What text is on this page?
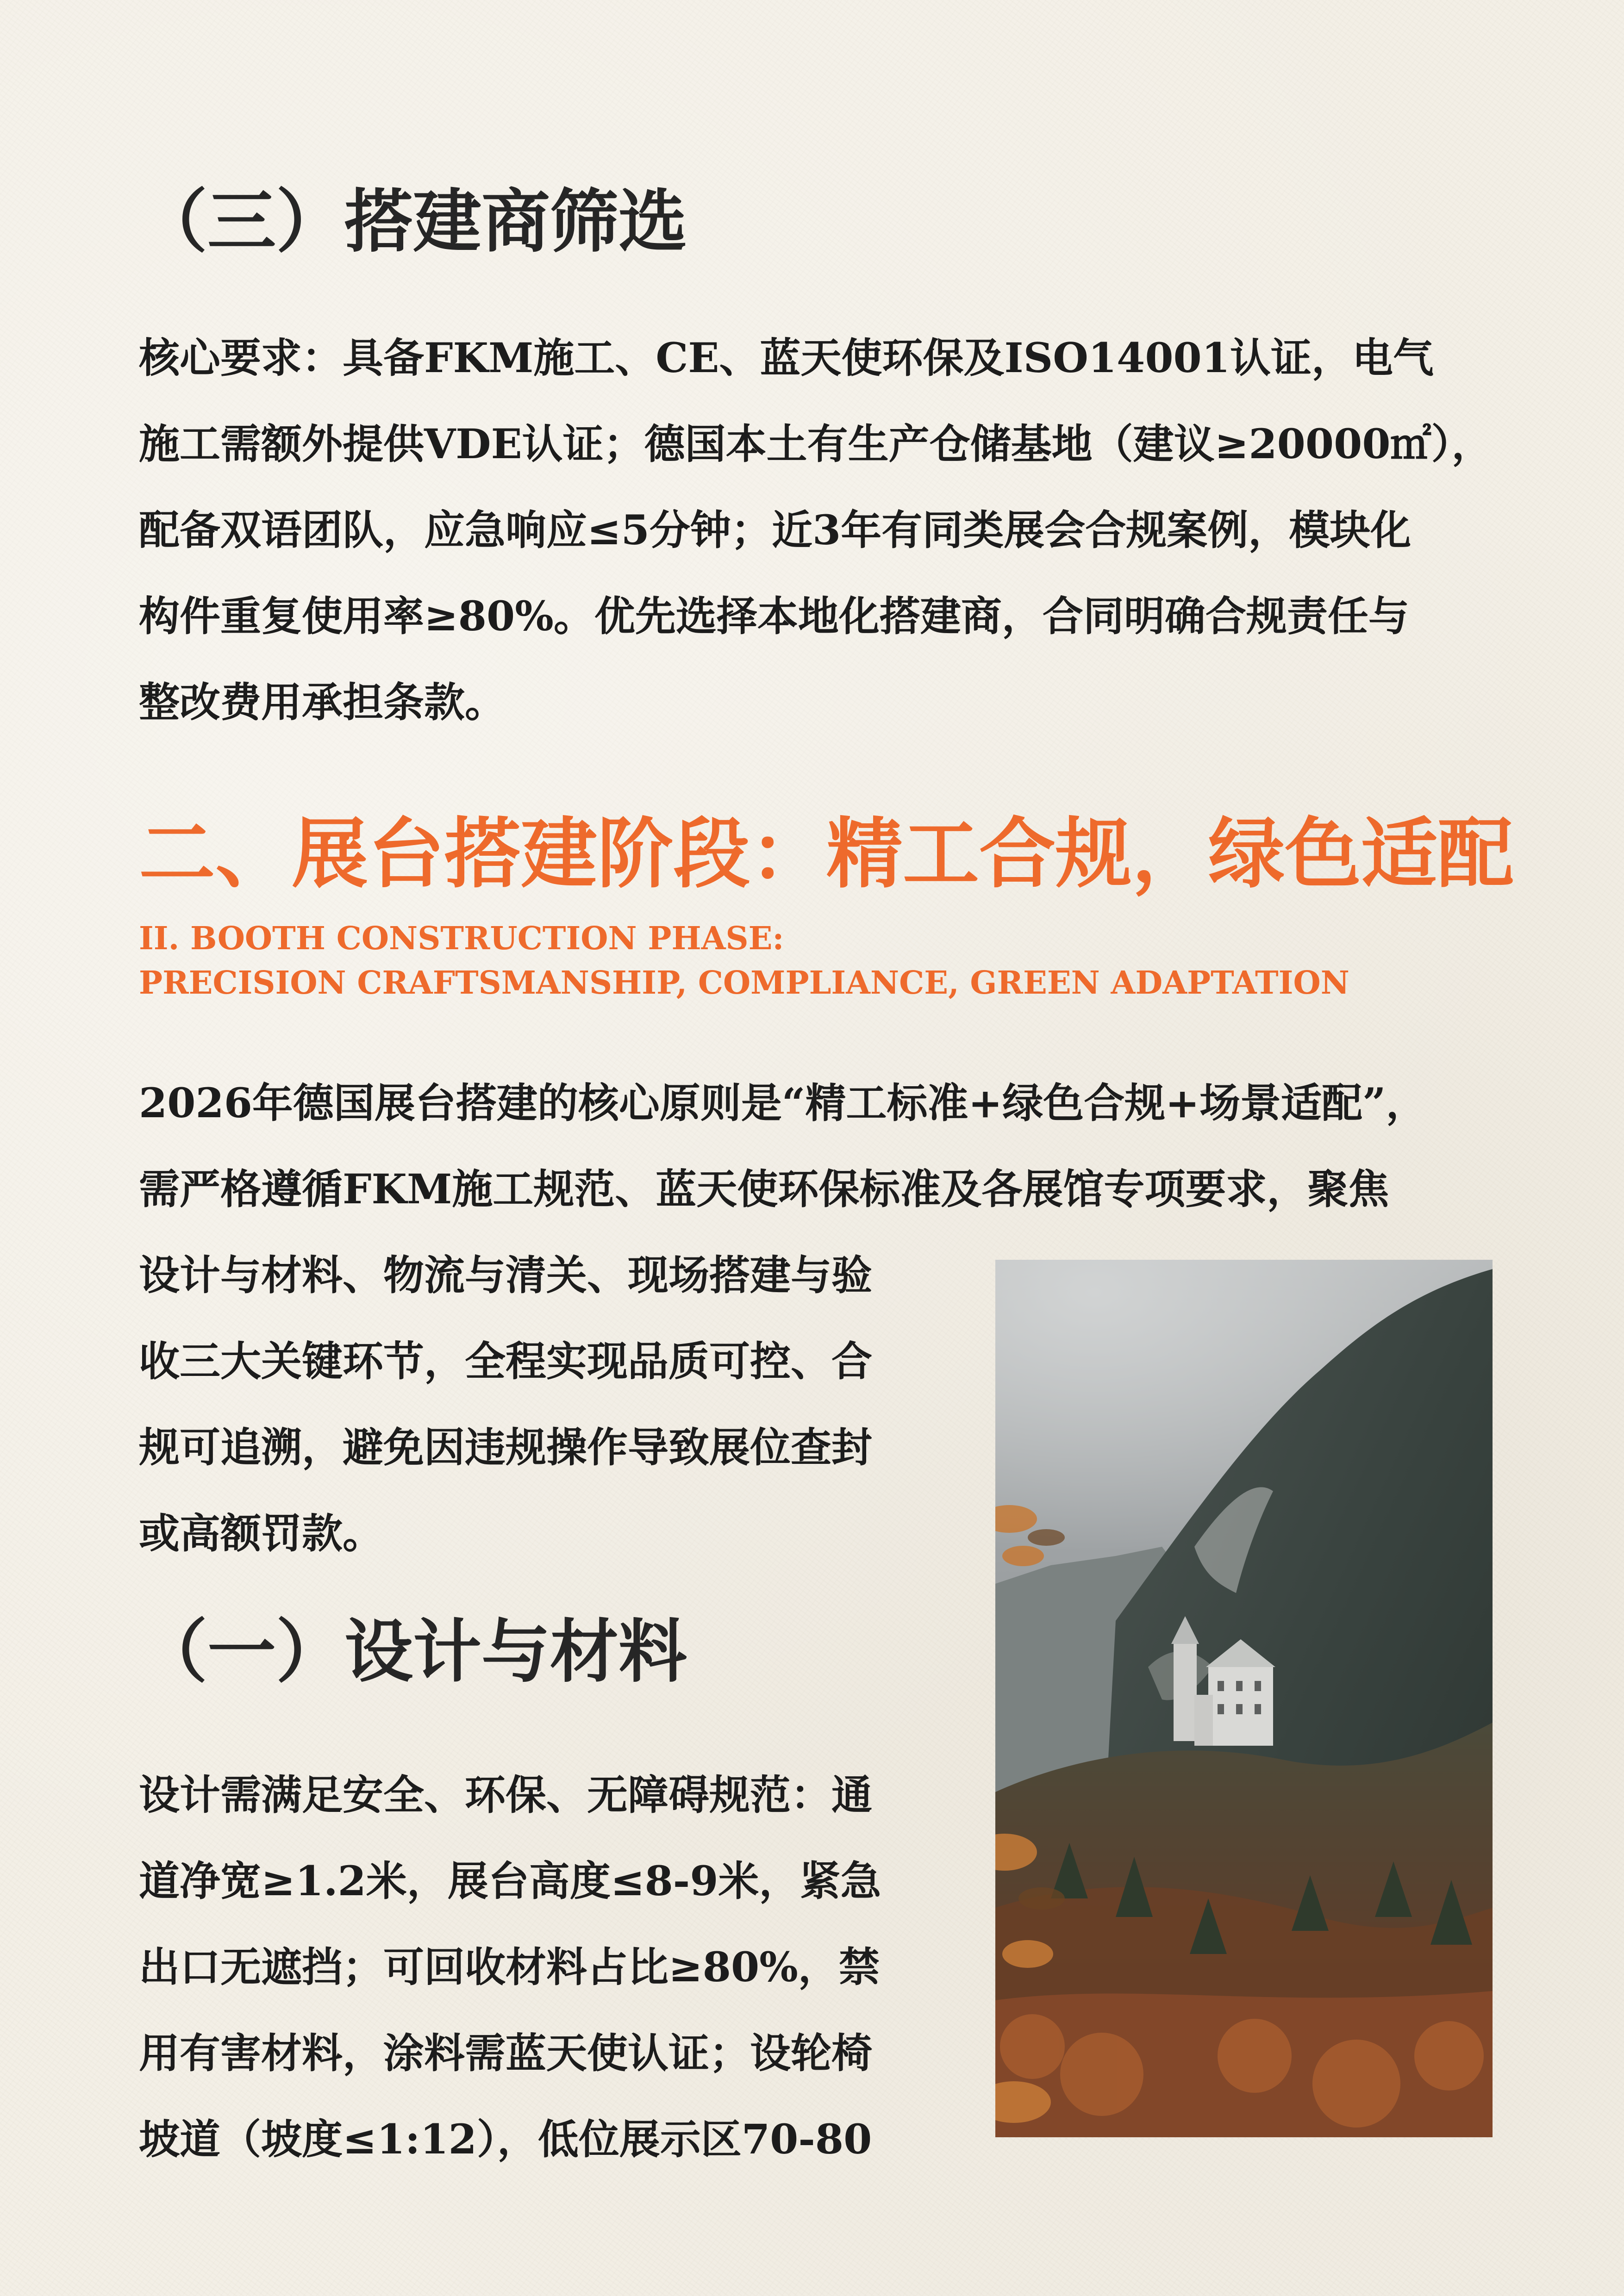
（三）搭建商筛选
核心要求：具备FKM施工、CE、蓝天使环保及ISO14001认证，电气
施工需额外提供VDE认证；德国本土有生产仓储基地（建议≥20000㎡），
配备双语团队，应急响应≤5分钟；近3年有同类展会合规案例，模块化
构件重复使用率≥80%。优先选择本地化搭建商，合同明确合规责任与
整改费用承担条款。
二、展台搭建阶段：精工合规，绿色适配
II. BOOTH CONSTRUCTION PHASE:
PRECISION CRAFTSMANSHIP, COMPLIANCE, GREEN ADAPTATION
2026年德国展台搭建的核心原则是“精工标准+绿色合规+场景适配”，
需严格遵循FKM施工规范、蓝天使环保标准及各展馆专项要求，聚焦
设计与材料、物流与清关、现场搭建与验
收三大关键环节，全程实现品质可控、合
规可追溯，避免因违规操作导致展位查封
或高额罚款。
（一）设计与材料
设计需满足安全、环保、无障碍规范：通
道净宽≥1.2米，展台高度≤8-9米，紧急
出口无遮挡；可回收材料占比≥80%，禁
用有害材料，涂料需蓝天使认证；设轮椅
坡道（坡度≤1:12），低位展示区70-80
